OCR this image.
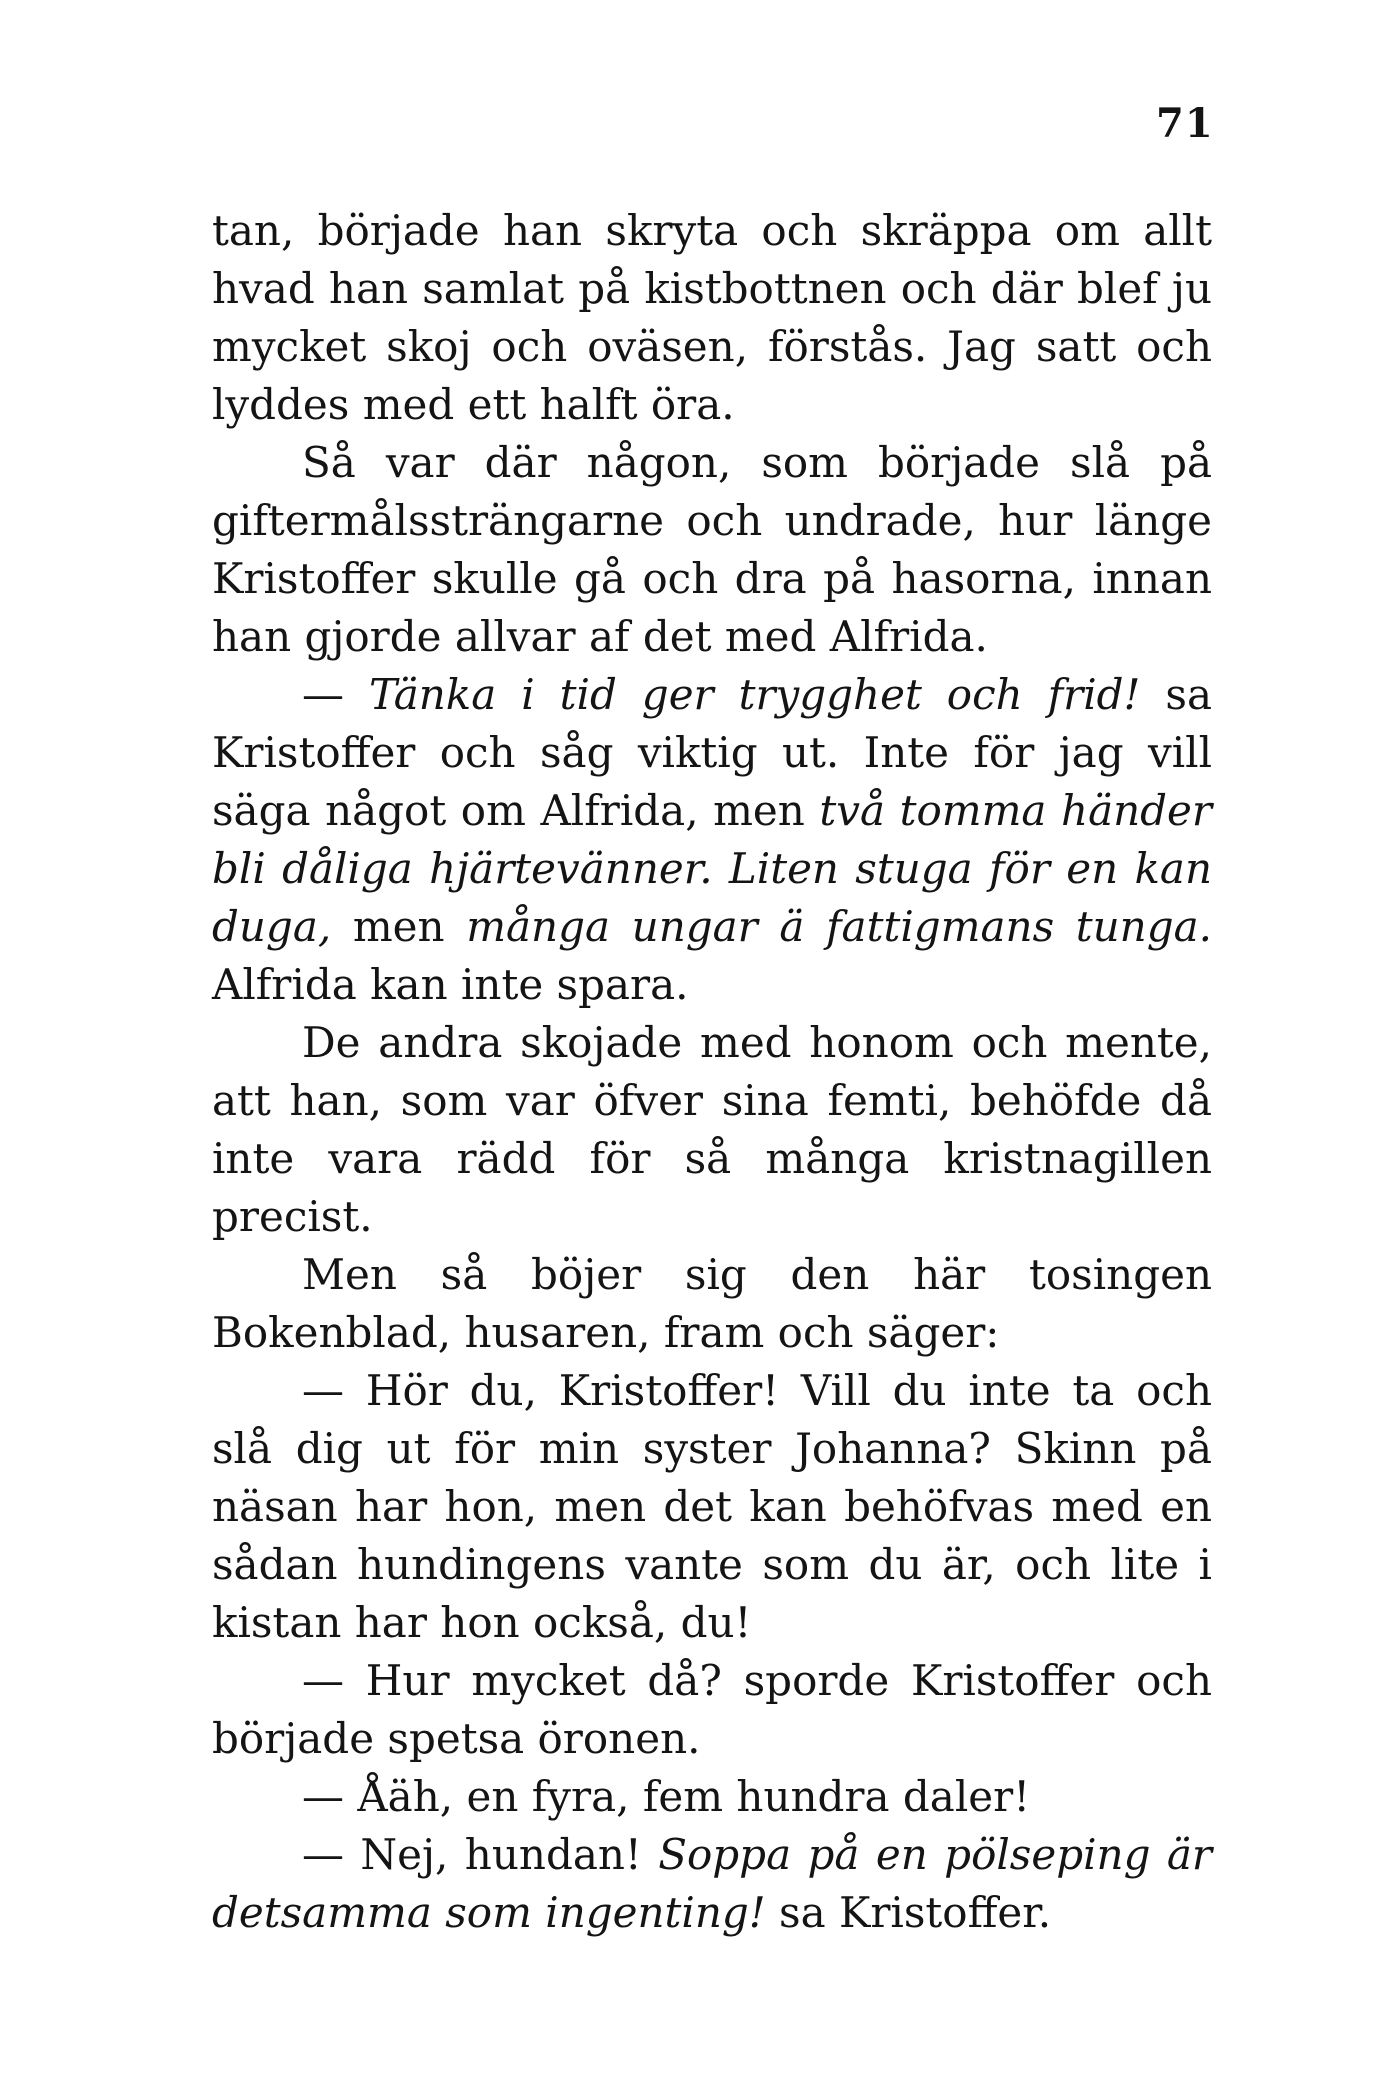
71

tan, började han skryta och skräppa om allt hvad han samlat på kistbottnen och där blef ju mycket skoj och oväsen, förstås. Jag satt och lyddes med ett halft öra.

Så var där någon, som började slå på giftermålssträngarne och undrade, hur länge Kristoffer skulle gå och dra på hasorna, innan han gjorde allvar af det med Alfrida.

— Tänka i tid ger trygghet och frid! sa Kristoffer och såg viktig ut. Inte för jag vill säga något om Alfrida, men två tomma händer bli dåliga hjärtevänner. Liten stuga för en kan duga, men många ungar ä fattigmans tunga. Alfrida kan inte spara.

De andra skojade med honom och mente, att han, som var öfver sina femti, behöfde då inte vara rädd för så många kristnagillen precist.

Men så böjer sig den här tosingen Bokenblad, husaren, fram och säger:

— Hör du, Kristoffer! Vill du inte ta och slå dig ut för min syster Johanna? Skinn på näsan har hon, men det kan behöfvas med en sådan hundingens vante som du är, och lite i kistan har hon också, du!

— Hur mycket då? sporde Kristoffer och började spetsa öronen.

— Åäh, en fyra, fem hundra daler!

— Nej, hundan! Soppa på en pölseping är detsamma som ingenting! sa Kristoffer.
